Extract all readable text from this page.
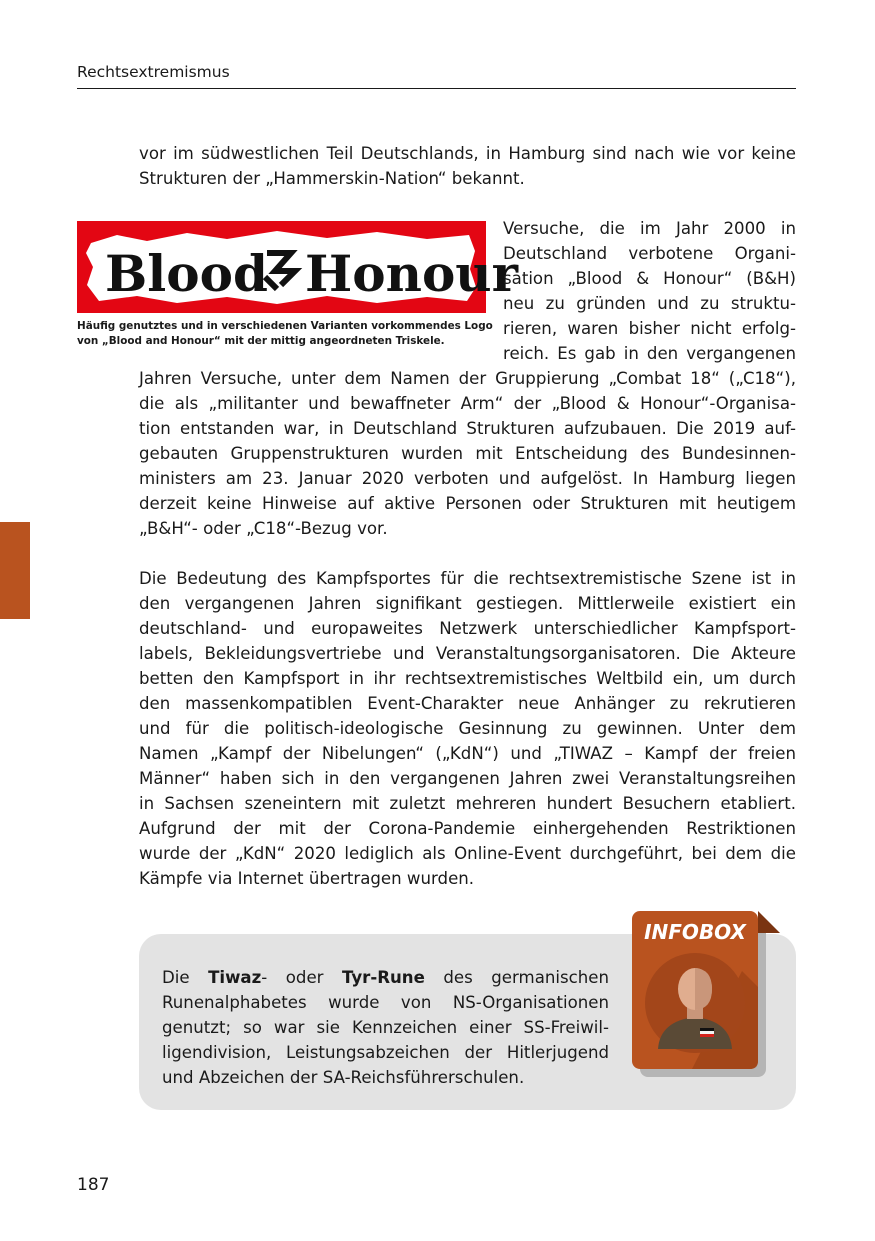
Rechtsextremismus

vor im südwestlichen Teil Deutschlands, in Hamburg sind nach wie vor keine
Strukturen der „Hammerskin-Nation“ bekannt.

Blood Honour
Häufig genutztes und in verschiedenen Varianten vorkommendes Logo
von „Blood and Honour“ mit der mittig angeordneten Triskele.
Versuche, die im Jahr 2000 in
Deutschland verbotene Organi-
sation „Blood & Honour“ (B&H)
neu zu gründen und zu struktu-
rieren, waren bisher nicht erfolg-
reich. Es gab in den vergangenen

Jahren Versuche, unter dem Namen der Gruppierung „Combat 18“ („C18“),
die als „militanter und bewaffneter Arm“ der „Blood & Honour“-Organisa-
tion entstanden war, in Deutschland Strukturen aufzubauen. Die 2019 auf-
gebauten Gruppenstrukturen wurden mit Entscheidung des Bundesinnen-
ministers am 23. Januar 2020 verboten und aufgelöst. In Hamburg liegen
derzeit keine Hinweise auf aktive Personen oder Strukturen mit heutigem
„B&H“- oder „C18“-Bezug vor.

Die Bedeutung des Kampfsportes für die rechtsextremistische Szene ist in
den vergangenen Jahren signifikant gestiegen. Mittlerweile existiert ein
deutschland- und europaweites Netzwerk unterschiedlicher Kampfsport-
labels, Bekleidungsvertriebe und Veranstaltungsorganisatoren. Die Akteure
betten den Kampfsport in ihr rechtsextremistisches Weltbild ein, um durch
den massenkompatiblen Event-Charakter neue Anhänger zu rekrutieren
und für die politisch-ideologische Gesinnung zu gewinnen. Unter dem
Namen „Kampf der Nibelungen“ („KdN“) und „TIWAZ – Kampf der freien
Männer“ haben sich in den vergangenen Jahren zwei Veranstaltungsreihen
in Sachsen szeneintern mit zuletzt mehreren hundert Besuchern etabliert.
Aufgrund der mit der Corona-Pandemie einhergehenden Restriktionen
wurde der „KdN“ 2020 lediglich als Online-Event durchgeführt, bei dem die
Kämpfe via Internet übertragen wurden.

Die Tiwaz- oder Tyr-Rune des germanischen
Runenalphabetes wurde von NS-Organisationen
genutzt; so war sie Kennzeichen einer SS-Freiwil-
ligendivision, Leistungsabzeichen der Hitlerjugend
und Abzeichen der SA-Reichsführerschulen.
INFOBOX
187
